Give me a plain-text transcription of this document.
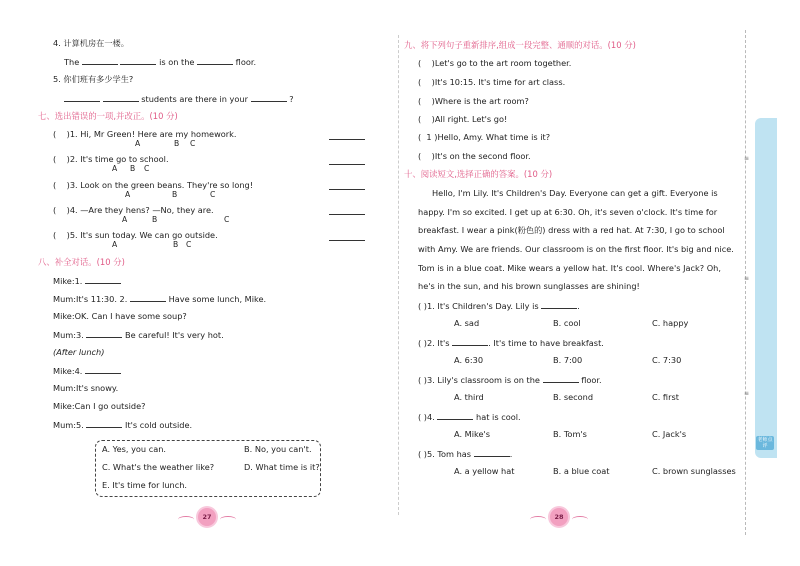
4. 计算机房在一楼。
The	is on the	floor.
5. 你们班有多少学生?
students are there in your	?
七、选出错误的一项,并改正。(10 分)
( )1. Hi, Mr Green! Here are my homework.
A	B C
( )2. It's time go to school.
A B C
( )3. Look on the green beans. They're so long!
A	B	C
( )4. —Are they hens? —No, they are.
A	B	C
( )5. It's sun today. We can go outside.
A	B C
八、补全对话。(10 分)
Mike:1.
Mum:It's 11:30. 2.	Have some lunch, Mike.
Mike:OK. Can I have some soup?
Mum:3.	Be careful! It's very hot.
(After lunch)
Mike:4.
Mum:It's snowy.
Mike:Can I go outside?
Mum:5.	It's cold outside.
A. Yes, you can.	B. No, you can't.
C. What's the weather like?	D. What time is it?
E. It's time for lunch.
27
九、将下列句子重新排序,组成一段完整、通顺的对话。(10 分)
( )Let's go to the art room together.
( )It's 10:15. It's time for art class.
( )Where is the art room?
( )All right. Let's go!
( 1 )Hello, Amy. What time is it?
( )It's on the second floor.
十、阅读短文,选择正确的答案。(10 分)
Hello, I'm Lily. It's Children's Day. Everyone can get a gift. Everyone is
happy. I'm so excited. I get up at 6:30. Oh, it's seven o'clock. It's time for
breakfast. I wear a pink(粉色的) dress with a red hat. At 7:30, I go to school
with Amy. We are friends. Our classroom is on the first floor. It's big and nice.
Tom is in a blue coat. Mike wears a yellow hat. It's cool. Where's Jack? Oh,
he's in the sun, and his brown sunglasses are shining!
( )1. It's Children's Day. Lily is	.
A. sad	B. cool	C. happy
( )2. It's	. It's time to have breakfast.
A. 6:30	B. 7:00	C. 7:30
( )3. Lily's classroom is on the	floor.
A. third	B. second	C. first
( )4.	hat is cool.
A. Mike's	B. Tom's	C. Jack's
( )5. Tom has	.
A. a yellow hat	B. a blue coat	C. brown sunglasses
28
≡
≡
≡
老师点评
